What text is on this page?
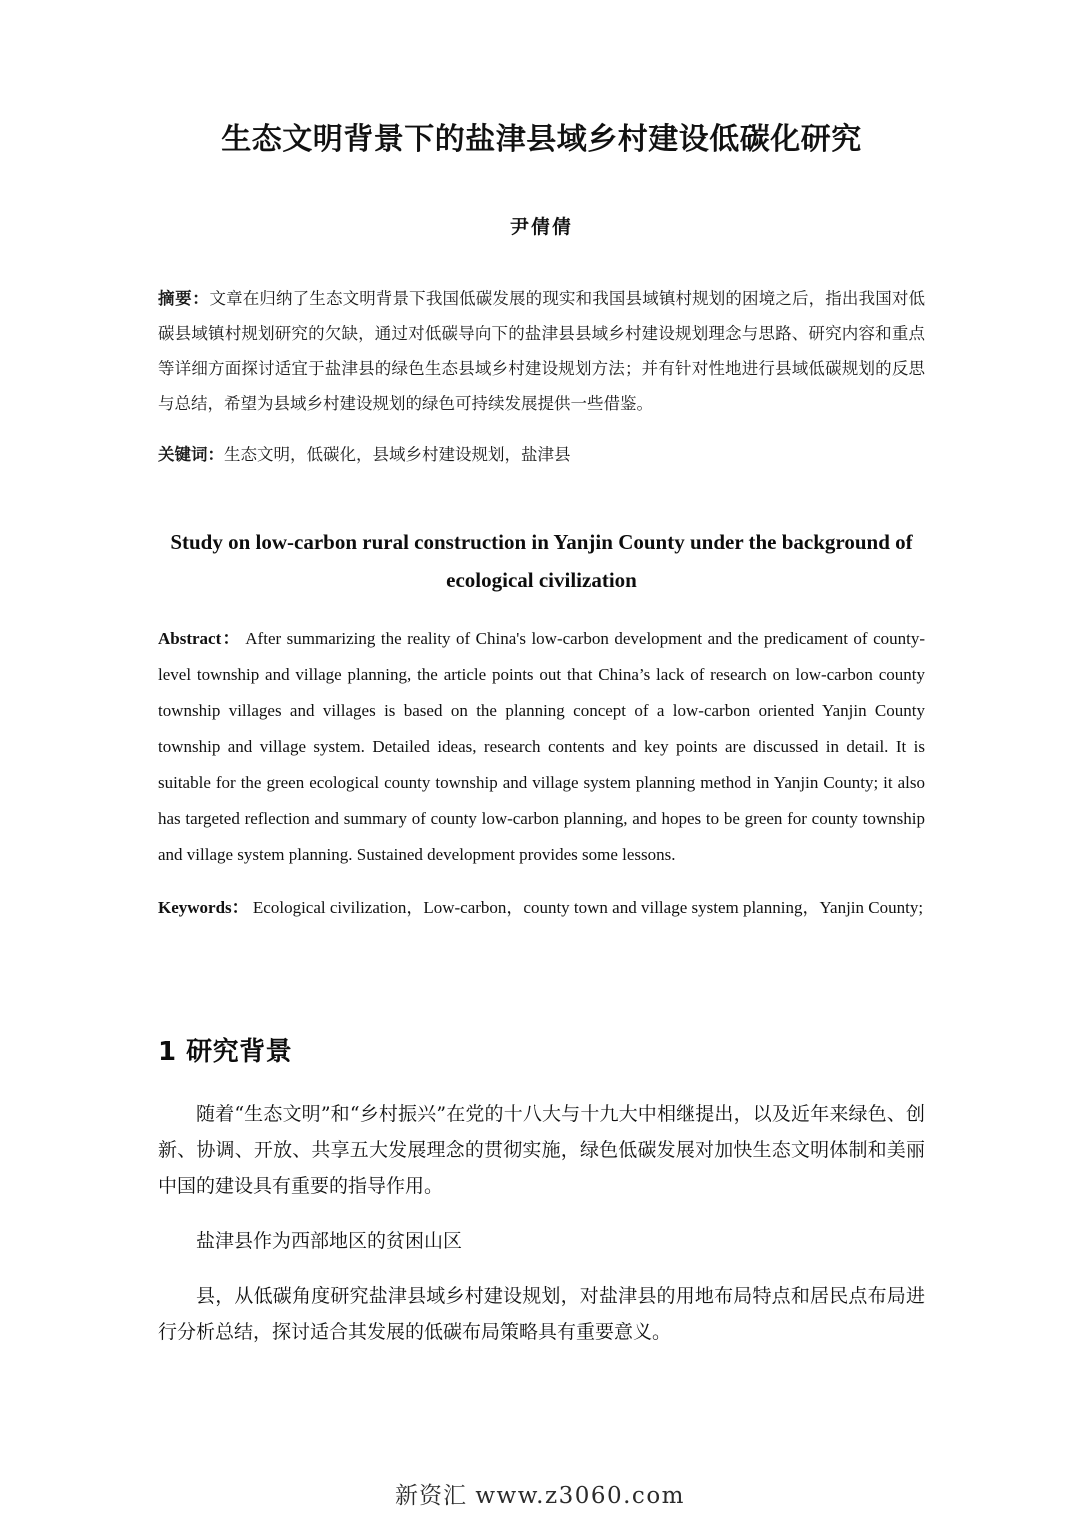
生态文明背景下的盐津县域乡村建设低碳化研究
尹倩倩

摘要：文章在归纳了生态文明背景下我国低碳发展的现实和我国县域镇村规划的困境之后，指出我国对低碳县域镇村规划研究的欠缺，通过对低碳导向下的盐津县县域乡村建设规划理念与思路、研究内容和重点等详细方面探讨适宜于盐津县的绿色生态县域乡村建设规划方法；并有针对性地进行县域低碳规划的反思与总结，希望为县域乡村建设规划的绿色可持续发展提供一些借鉴。

关键词：生态文明，低碳化，县域乡村建设规划，盐津县

Study on low-carbon rural construction in Yanjin County under the background of ecological civilization

Abstract： After summarizing the reality of China's low-carbon development and the predicament of county-level township and village planning, the article points out that China’s lack of research on low-carbon county township villages and villages is based on the planning concept of a low-carbon oriented Yanjin County township and village system. Detailed ideas, research contents and key points are discussed in detail. It is suitable for the green ecological county township and village system planning method in Yanjin County; it also has targeted reflection and summary of county low-carbon planning, and hopes to be green for county township and village system planning. Sustained development provides some lessons.

Keywords： Ecological civilization，Low-carbon，county town and village system planning，Yanjin County;

1 研究背景

随着“生态文明”和“乡村振兴”在党的十八大与十九大中相继提出，以及近年来绿色、创新、协调、开放、共享五大发展理念的贯彻实施，绿色低碳发展对加快生态文明体制和美丽中国的建设具有重要的指导作用。

盐津县作为西部地区的贫困山区

县，从低碳角度研究盐津县域乡村建设规划，对盐津县的用地布局特点和居民点布局进行分析总结，探讨适合其发展的低碳布局策略具有重要意义。

新资汇 www.z3060.com
